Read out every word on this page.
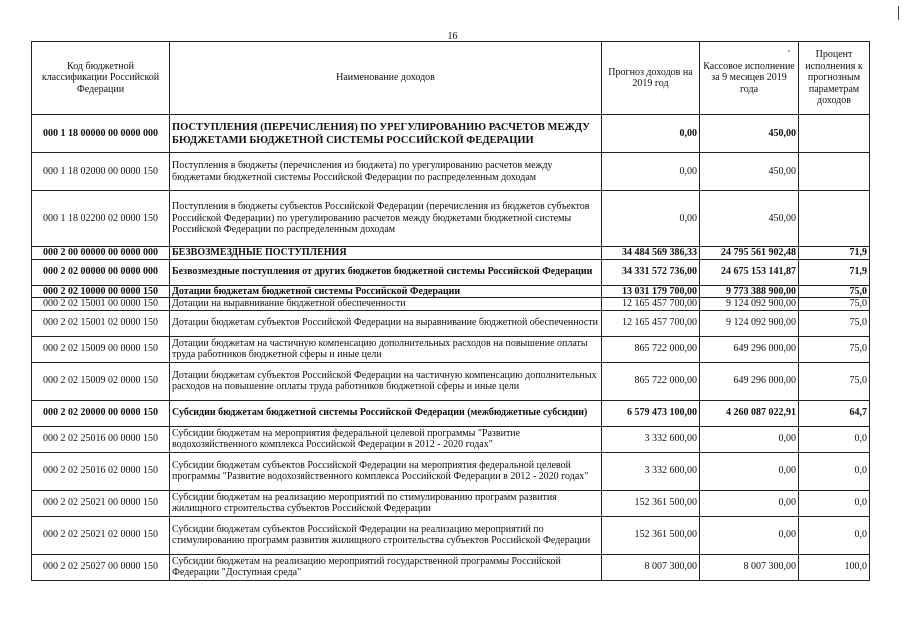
16
Код бюджетной классификации Российской Федерации	Наименование доходов	Прогноз доходов на 2019 год	Кассовое исполнение за 9 месяцев 2019 года	Процент исполнения к прогнозным параметрам доходов
000 1 18 00000 00 0000 000	ПОСТУПЛЕНИЯ (ПЕРЕЧИСЛЕНИЯ) ПО УРЕГУЛИРОВАНИЮ РАСЧЕТОВ МЕЖДУ БЮДЖЕТАМИ БЮДЖЕТНОЙ СИСТЕМЫ РОССИЙСКОЙ ФЕДЕРАЦИИ	0,00	450,00	
000 1 18 02000 00 0000 150	Поступления в бюджеты (перечисления из бюджета) по урегулированию расчетов между бюджетами бюджетной системы Российской Федерации по распределенным доходам	0,00	450,00	
000 1 18 02200 02 0000 150	Поступления в бюджеты субъектов Российской Федерации (перечисления из бюджетов субъектов Российской Федерации) по урегулированию расчетов между бюджетами бюджетной системы Российской Федерации по распределенным доходам	0,00	450,00	
000 2 00 00000 00 0000 000	БЕЗВОЗМЕЗДНЫЕ ПОСТУПЛЕНИЯ	34 484 569 386,33	24 795 561 902,48	71,9
000 2 02 00000 00 0000 000	Безвозмездные поступления от других бюджетов бюджетной системы Российской Федерации	34 331 572 736,00	24 675 153 141,87	71,9
000 2 02 10000 00 0000 150	Дотации бюджетам бюджетной системы Российской Федерации	13 031 179 700,00	9 773 388 900,00	75,0
000 2 02 15001 00 0000 150	Дотации на выравнивание бюджетной обеспеченности	12 165 457 700,00	9 124 092 900,00	75,0
000 2 02 15001 02 0000 150	Дотации бюджетам субъектов Российской Федерации на выравнивание бюджетной обеспеченности	12 165 457 700,00	9 124 092 900,00	75,0
000 2 02 15009 00 0000 150	Дотации бюджетам на частичную компенсацию дополнительных расходов на повышение оплаты труда работников бюджетной сферы и иные цели	865 722 000,00	649 296 000,00	75,0
000 2 02 15009 02 0000 150	Дотации бюджетам субъектов Российской Федерации на частичную компенсацию дополнительных расходов на повышение оплаты труда работников бюджетной сферы и иные цели	865 722 000,00	649 296 000,00	75,0
000 2 02 20000 00 0000 150	Субсидии бюджетам бюджетной системы Российской Федерации (межбюджетные субсидии)	6 579 473 100,00	4 260 087 022,91	64,7
000 2 02 25016 00 0000 150	Субсидии бюджетам на мероприятия федеральной целевой программы "Развитие водохозяйственного комплекса Российской Федерации в 2012 - 2020 годах"	3 332 600,00	0,00	0,0
000 2 02 25016 02 0000 150	Субсидии бюджетам субъектов Российской Федерации на мероприятия федеральной целевой программы "Развитие водохозяйственного комплекса Российской Федерации в 2012 - 2020 годах"	3 332 600,00	0,00	0,0
000 2 02 25021 00 0000 150	Субсидии бюджетам на реализацию мероприятий по стимулированию программ развития жилищного строительства субъектов Российской Федерации	152 361 500,00	0,00	0,0
000 2 02 25021 02 0000 150	Субсидии бюджетам субъектов Российской Федерации на реализацию мероприятий по стимулированию программ развития жилищного строительства субъектов Российской Федерации	152 361 500,00	0,00	0,0
000 2 02 25027 00 0000 150	Субсидии бюджетам на реализацию мероприятий государственной программы Российской Федерации "Доступная среда"	8 007 300,00	8 007 300,00	100,0
